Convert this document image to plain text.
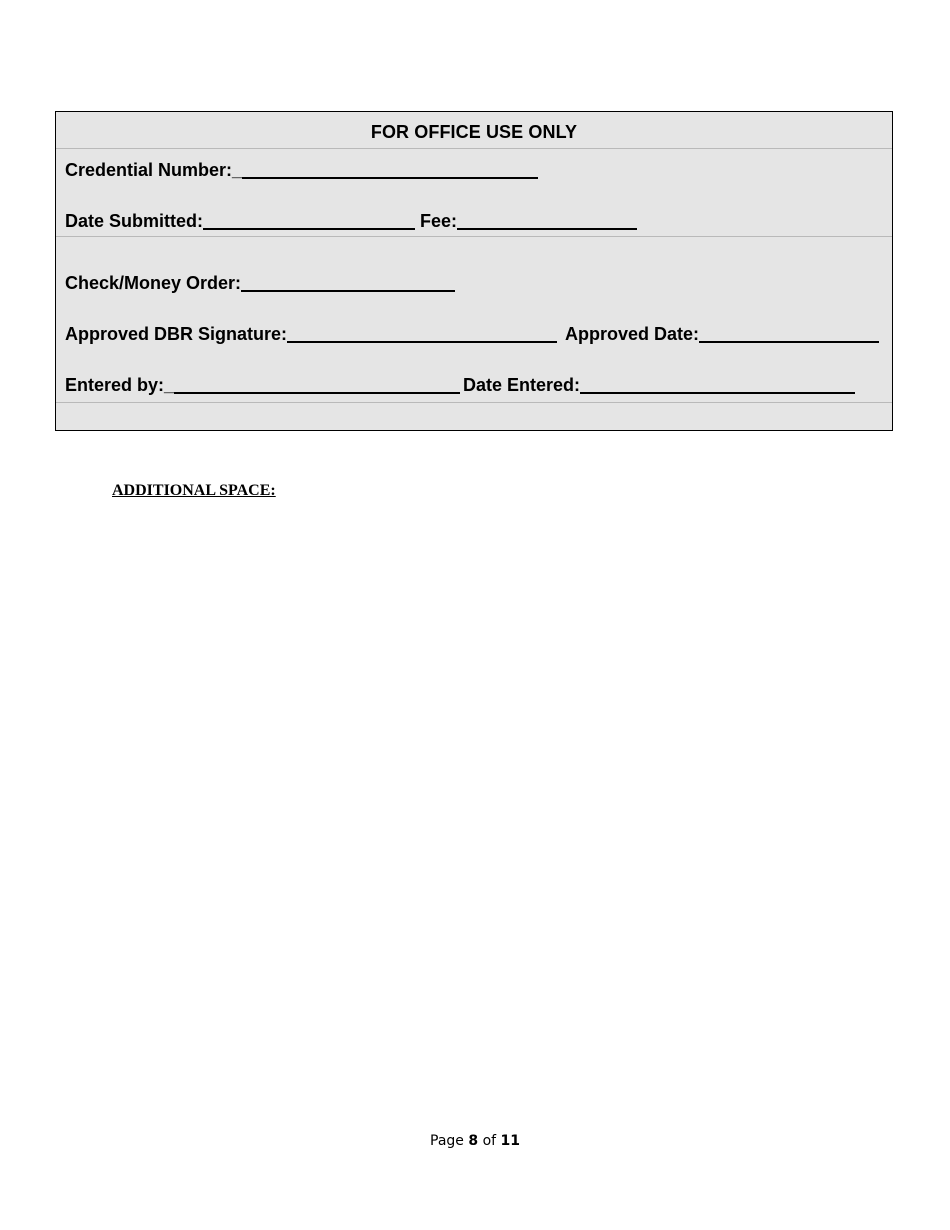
FOR OFFICE USE ONLY
Credential Number:_
Date Submitted:	Fee:
Check/Money Order:
Approved DBR Signature:	Approved Date:
Entered by:_	Date Entered:
ADDITIONAL SPACE:
Page 8 of 11
